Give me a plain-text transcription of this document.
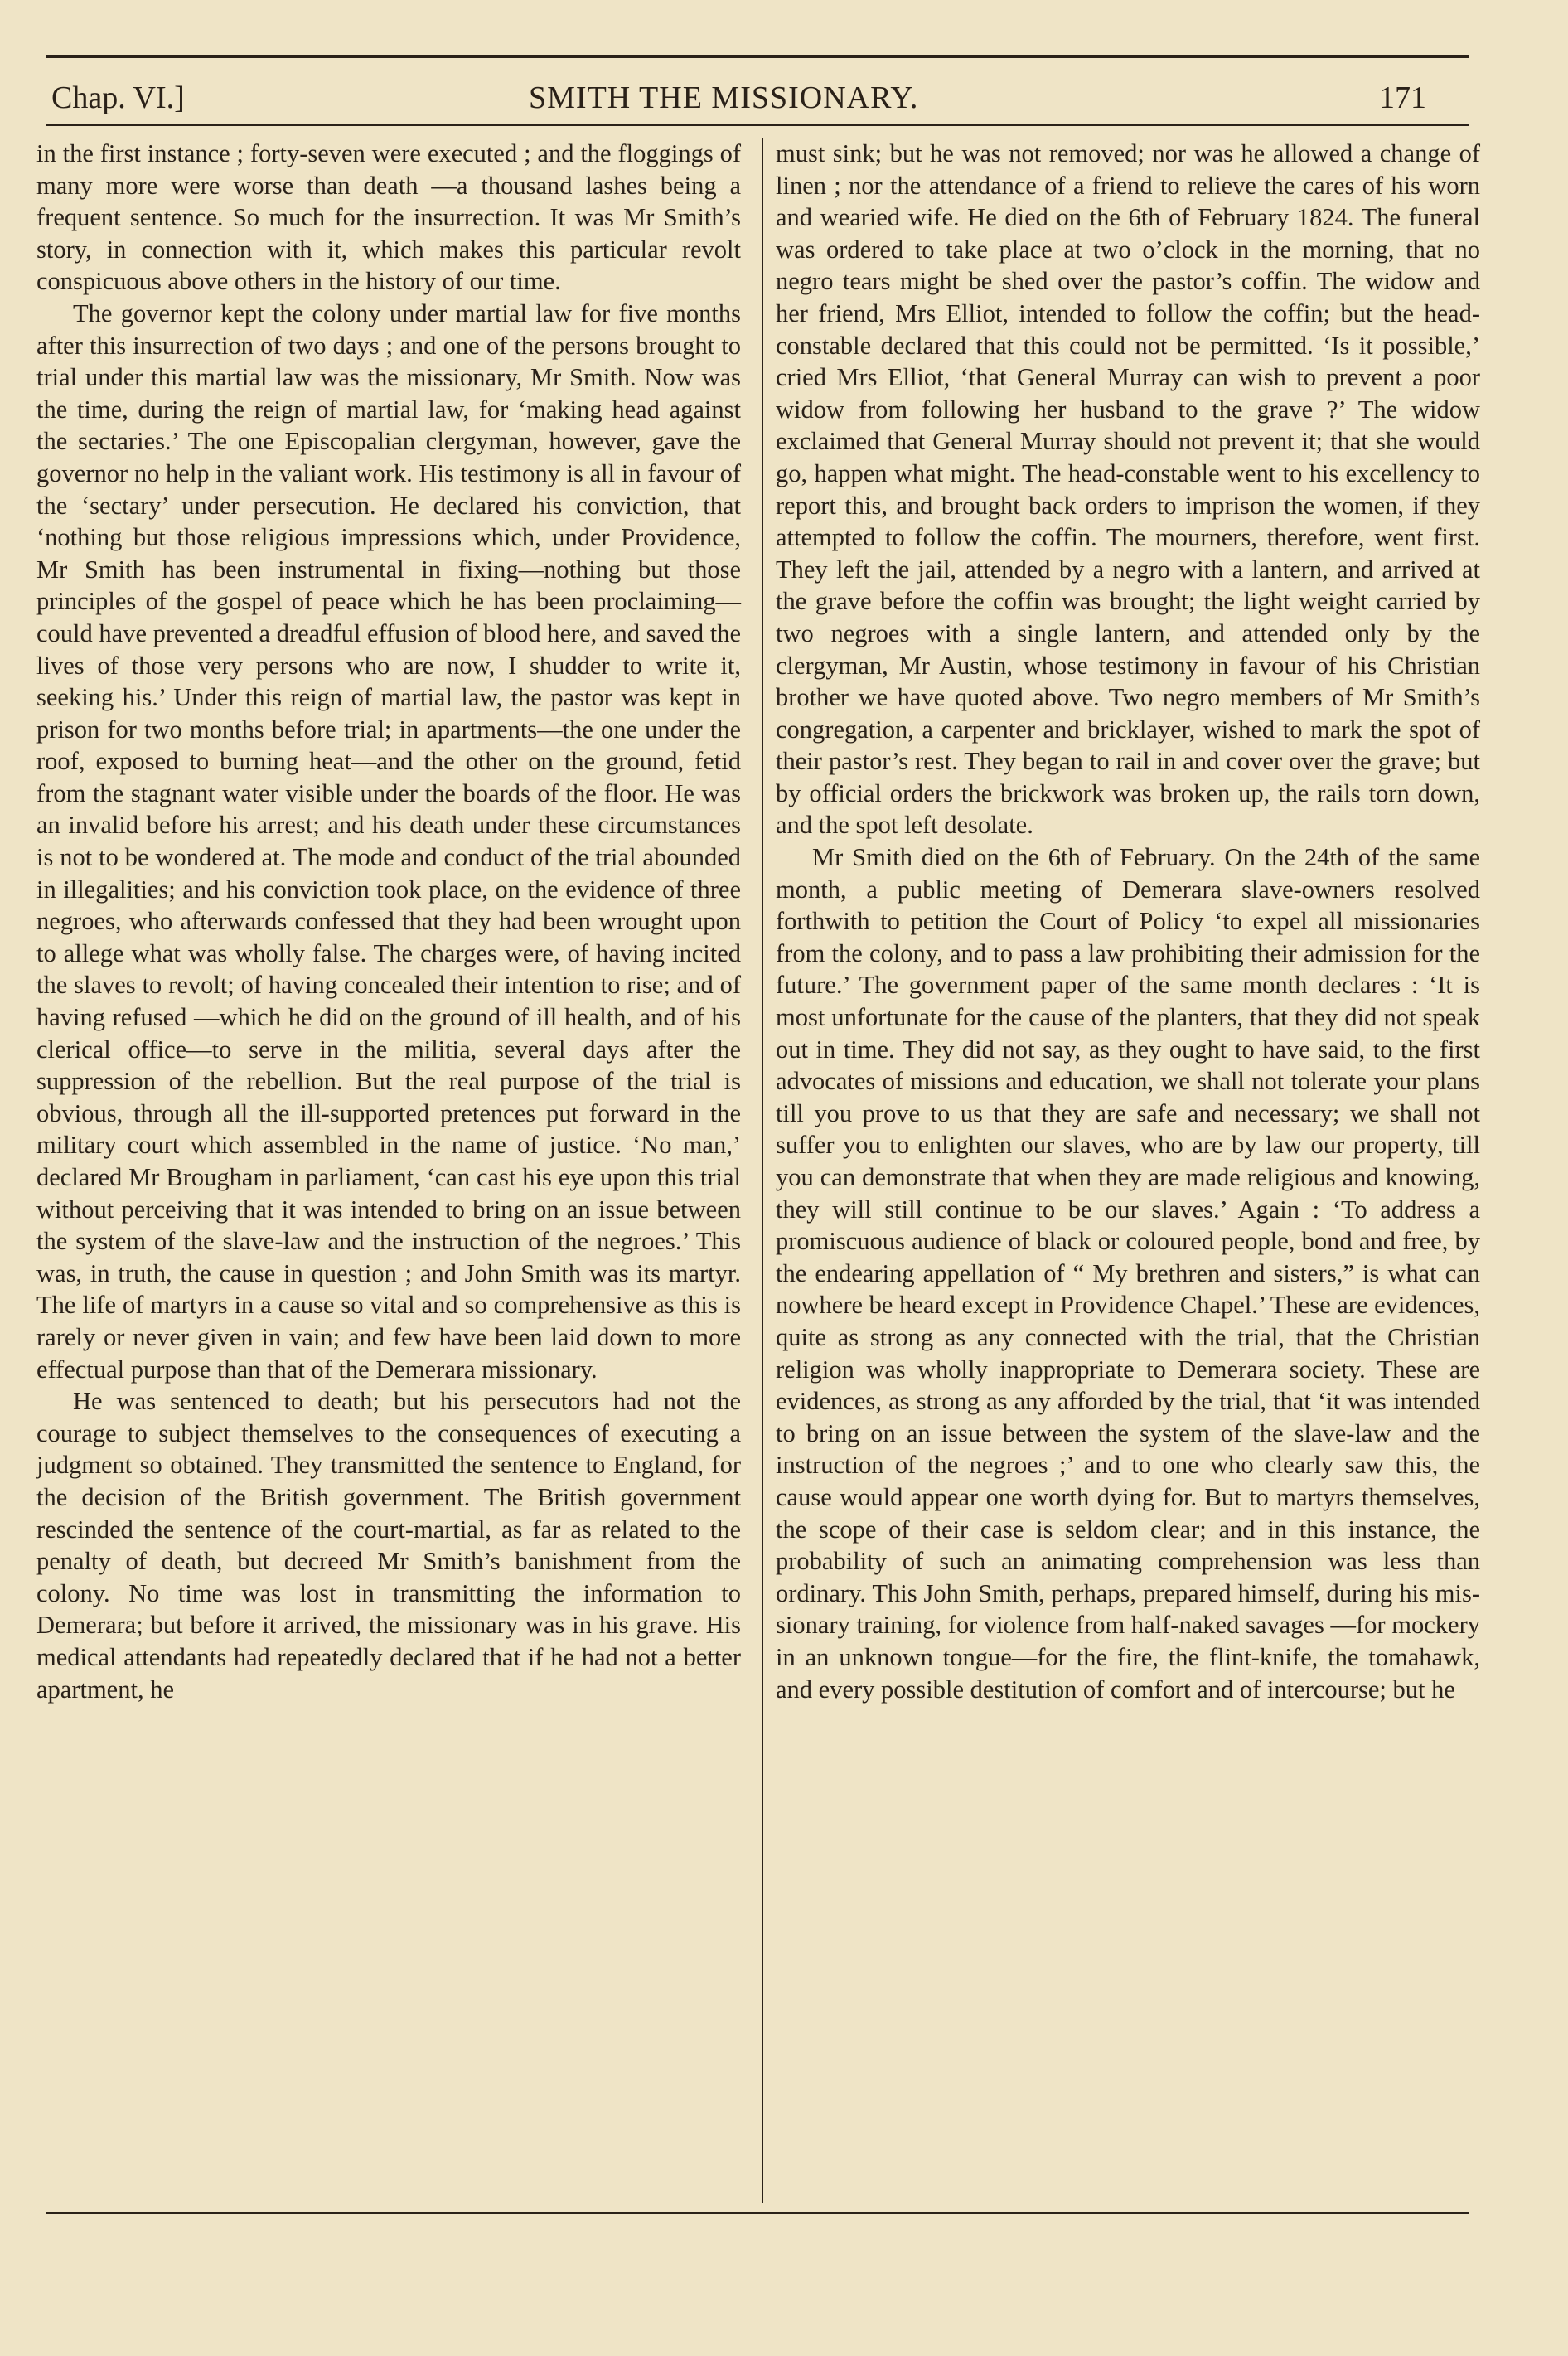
Chap. VI.]	SMITH THE MISSIONARY.	171

in the first instance ; forty-seven were executed ; and the floggings of many more were worse than death —a thousand lashes being a frequent sentence. So much for the insurrection. It was Mr Smith’s story, in connection with it, which makes this particular revolt conspicuous above others in the history of our time.

The governor kept the colony under martial law for five months after this insurrection of two days ; and one of the persons brought to trial under this martial law was the missionary, Mr Smith. Now was the time, during the reign of martial law, for ‘making head against the sectaries.’ The one Episcopalian clergyman, however, gave the governor no help in the valiant work. His testimony is all in favour of the ‘sectary’ under persecution. He declared his conviction, that ‘nothing but those religious impressions which, under Providence, Mr Smith has been instrumental in fixing—nothing but those principles of the gospel of peace which he has been proclaiming—could have prevented a dreadful effusion of blood here, and saved the lives of those very persons who are now, I shudder to write it, seeking his.’ Under this reign of martial law, the pastor was kept in prison for two months before trial; in apartments—the one under the roof, exposed to burning heat—and the other on the ground, fetid from the stagnant water visible under the boards of the floor. He was an invalid before his arrest; and his death under these circumstances is not to be wondered at. The mode and conduct of the trial abounded in illegalities; and his conviction took place, on the evidence of three negroes, who afterwards confessed that they had been wrought upon to allege what was wholly false. The charges were, of having incited the slaves to revolt; of having concealed their intention to rise; and of having refused —which he did on the ground of ill health, and of his clerical office—to serve in the militia, several days after the suppression of the rebellion. But the real purpose of the trial is obvious, through all the ill-supported pretences put forward in the military court which assembled in the name of justice. ‘No man,’ declared Mr Brougham in parliament, ‘can cast his eye upon this trial without perceiving that it was intended to bring on an issue between the system of the slave-law and the instruction of the negroes.’ This was, in truth, the cause in question ; and John Smith was its martyr. The life of martyrs in a cause so vital and so comprehensive as this is rarely or never given in vain; and few have been laid down to more effectual purpose than that of the Demerara missionary.

He was sentenced to death; but his persecutors had not the courage to subject themselves to the consequences of executing a judgment so obtained. They transmitted the sentence to England, for the decision of the British government. The British government rescinded the sentence of the court-martial, as far as related to the penalty of death, but decreed Mr Smith’s banishment from the colony. No time was lost in transmitting the information to Demerara; but before it arrived, the missionary was in his grave. His medical attendants had repeatedly declared that if he had not a better apartment, he

must sink; but he was not removed; nor was he allowed a change of linen ; nor the attendance of a friend to relieve the cares of his worn and wearied wife. He died on the 6th of February 1824. The funeral was ordered to take place at two o’clock in the morning, that no negro tears might be shed over the pastor’s coffin. The widow and her friend, Mrs Elliot, intended to follow the coffin; but the head-constable declared that this could not be permitted. ‘Is it possible,’ cried Mrs Elliot, ‘that General Murray can wish to prevent a poor widow from following her husband to the grave ?’ The widow exclaimed that General Murray should not prevent it; that she would go, happen what might. The head-constable went to his excellency to report this, and brought back orders to imprison the women, if they attempted to follow the coffin. The mourners, therefore, went first. They left the jail, attended by a negro with a lantern, and arrived at the grave before the coffin was brought; the light weight carried by two negroes with a single lantern, and attended only by the clergyman, Mr Austin, whose testimony in favour of his Christian brother we have quoted above. Two negro members of Mr Smith’s congregation, a carpenter and bricklayer, wished to mark the spot of their pastor’s rest. They began to rail in and cover over the grave; but by official orders the brickwork was broken up, the rails torn down, and the spot left desolate.

Mr Smith died on the 6th of February. On the 24th of the same month, a public meeting of Demerara slave-owners resolved forthwith to petition the Court of Policy ‘to expel all missionaries from the colony, and to pass a law prohibiting their admission for the future.’ The government paper of the same month declares : ‘It is most unfortunate for the cause of the planters, that they did not speak out in time. They did not say, as they ought to have said, to the first advocates of missions and education, we shall not tolerate your plans till you prove to us that they are safe and necessary; we shall not suffer you to enlighten our slaves, who are by law our property, till you can demonstrate that when they are made religious and knowing, they will still continue to be our slaves.’ Again : ‘To address a promiscuous audience of black or coloured people, bond and free, by the endearing appellation of “ My brethren and sisters,” is what can nowhere be heard except in Providence Chapel.’ These are evidences, quite as strong as any connected with the trial, that the Christian religion was wholly inappropriate to Demerara society. These are evidences, as strong as any afforded by the trial, that ‘it was intended to bring on an issue between the system of the slave-law and the instruction of the negroes ;’ and to one who clearly saw this, the cause would appear one worth dying for. But to martyrs themselves, the scope of their case is seldom clear; and in this instance, the probability of such an animating comprehension was less than ordinary. This John Smith, perhaps, prepared himself, during his missionary training, for violence from half-naked savages —for mockery in an unknown tongue—for the fire, the flint-knife, the tomahawk, and every possible destitution of comfort and of intercourse; but he
